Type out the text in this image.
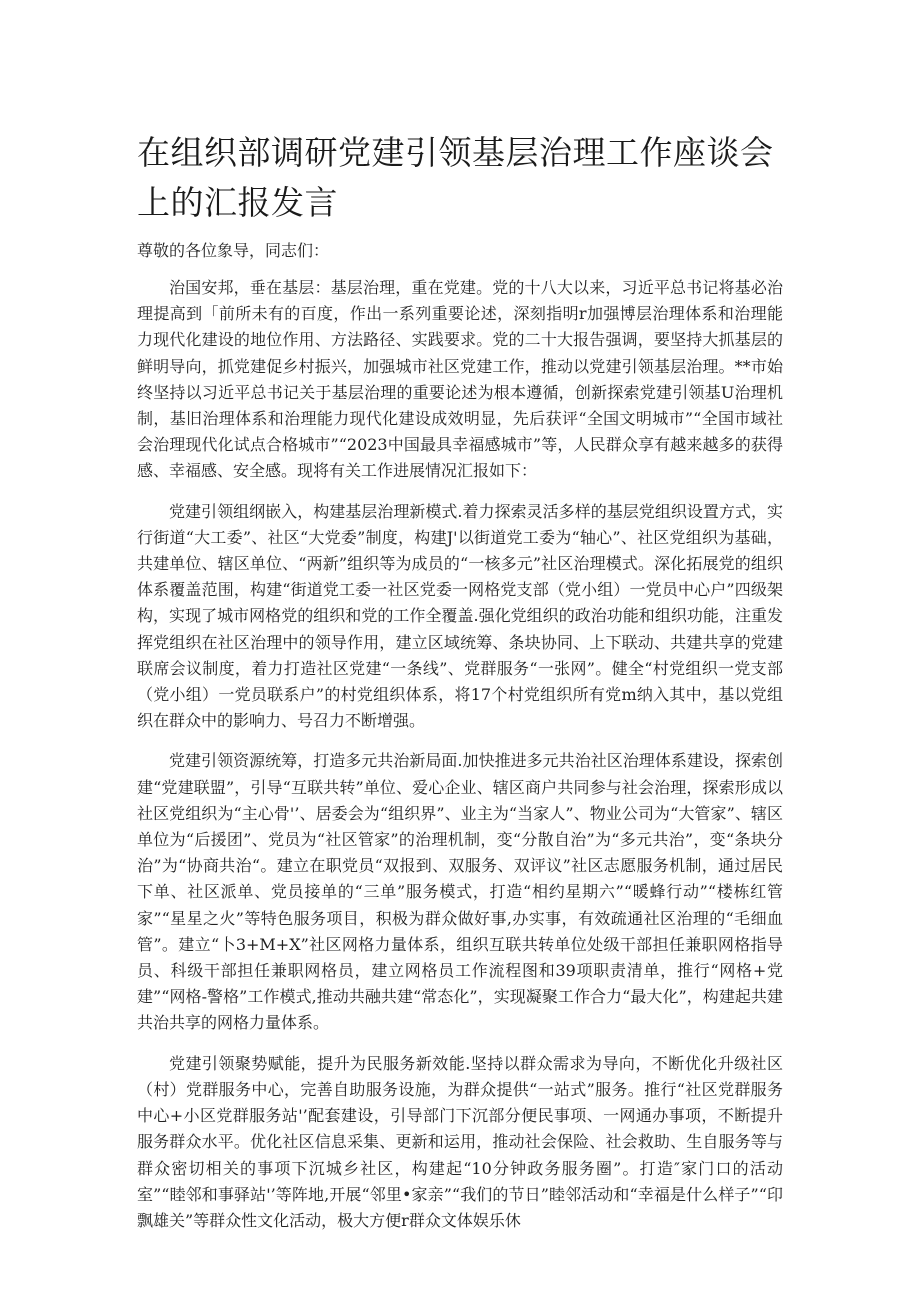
在组织部调研党建引领基层治理工作座谈会上的汇报发言

尊敬的各位象导，同志们：

治国安邦，垂在基层：基层治理，重在党建。党的十八大以来，习近平总书记将基必治理提高到「前所未有的百度，作出一系列重要论述，深刻指明r加强博层治理体系和治理能力现代化建设的地位作用、方法路径、实践要求。党的二十大报告强调，要坚持大抓基层的鲜明导向，抓党建促乡村振兴，加强城市社区党建工作，推动以党建引领基层治理。**市始终坚持以习近平总书记关于基层治理的重要论述为根本遵循，创新探索党建引领基U治理机制，基旧治理体系和治理能力现代化建设成效明显，先后获评“全国文明城市”“全国市域社会治理现代化试点合格城市”“2023中国最具幸福感城市”等，人民群众享有越来越多的获得感、幸福感、安全感。现将有关工作进展情况汇报如下：

党建引领组纲嵌入，构建基层治理新模式.着力探索灵活多样的基层党组织设置方式，实行街道“大工委”、社区“大党委”制度，构建J'以街道党工委为“轴心”、社区党组织为基础，共建单位、辖区单位、“两新”组织等为成员的“一核多元”社区治理模式。深化拓展党的组织体系覆盖范围，构建“街道党工委一社区党委一网格党支部（党小组）一党员中心户”四级架构，实现了城市网格党的组织和党的工作全覆盖.强化党组织的政治功能和组织功能，注重发挥党组织在社区治理中的领导作用，建立区域统筹、条块协同、上下联动、共建共享的党建联席会议制度，着力打造社区党建“一条线”、党群服务“一张网”。健全“村党组织一党支部（党小组）一党员联系户”的村党组织体系，将17个村党组织所有党m纳入其中，基以党组织在群众中的影响力、号召力不断增强。

党建引领资源统筹，打造多元共治新局面.加快推进多元共治社区治理体系建设，探索创建“党建联盟”，引导“互联共转”单位、爱心企业、辖区商户共同参与社会治理，探索形成以社区党组织为“主心骨'’、居委会为“组织界”、业主为“当家人”、物业公司为“大管家”、辖区单位为“后援团”、党员为“社区管家”的治理机制，变“分散自治”为“多元共治”，变“条块分治”为“协商共治“。建立在职党员“双报到、双服务、双评议”社区志愿服务机制，通过居民下单、社区派单、党员接单的“三单”服务模式，打造“相约星期六”“暖蜂行动”“楼栋红管家”“星星之火”等特色服务项目，积极为群众做好事,办实事，有效疏通社区治理的“毛细血管”。建立“卜3+M+X”社区网格力量体系，组织互联共转单位处级干部担任兼职网格指导员、科级干部担任兼职网格员，建立网格员工作流程图和39项职责清单，推行“网格+党建”“网格-警格”工作模式,推动共融共建“常态化”，实现凝聚工作合力“最大化”，构建起共建共治共享的网格力量体系。

党建引领聚势赋能，提升为民服务新效能.坚持以群众需求为导向，不断优化升级社区（村）党群服务中心，完善自助服务设施，为群众提供“一站式”服务。推行“社区党群服务中心+小区党群服务站'’配套建设，引导部门下沉部分便民事项、一网通办事项，不断提升服务群众水平。优化社区信息采集、更新和运用，推动社会保险、社会救助、生自服务等与群众密切相关的事项下沉城乡社区，构建起“10分钟政务服务圈”。打造″家门口的活动室”“睦邻和事驿站'’等阵地,开展“邻里•家亲”“我们的节日”睦邻活动和“幸福是什么样子”“印飘雄关”等群众性文化活动，极大方便r群众文体娱乐休
